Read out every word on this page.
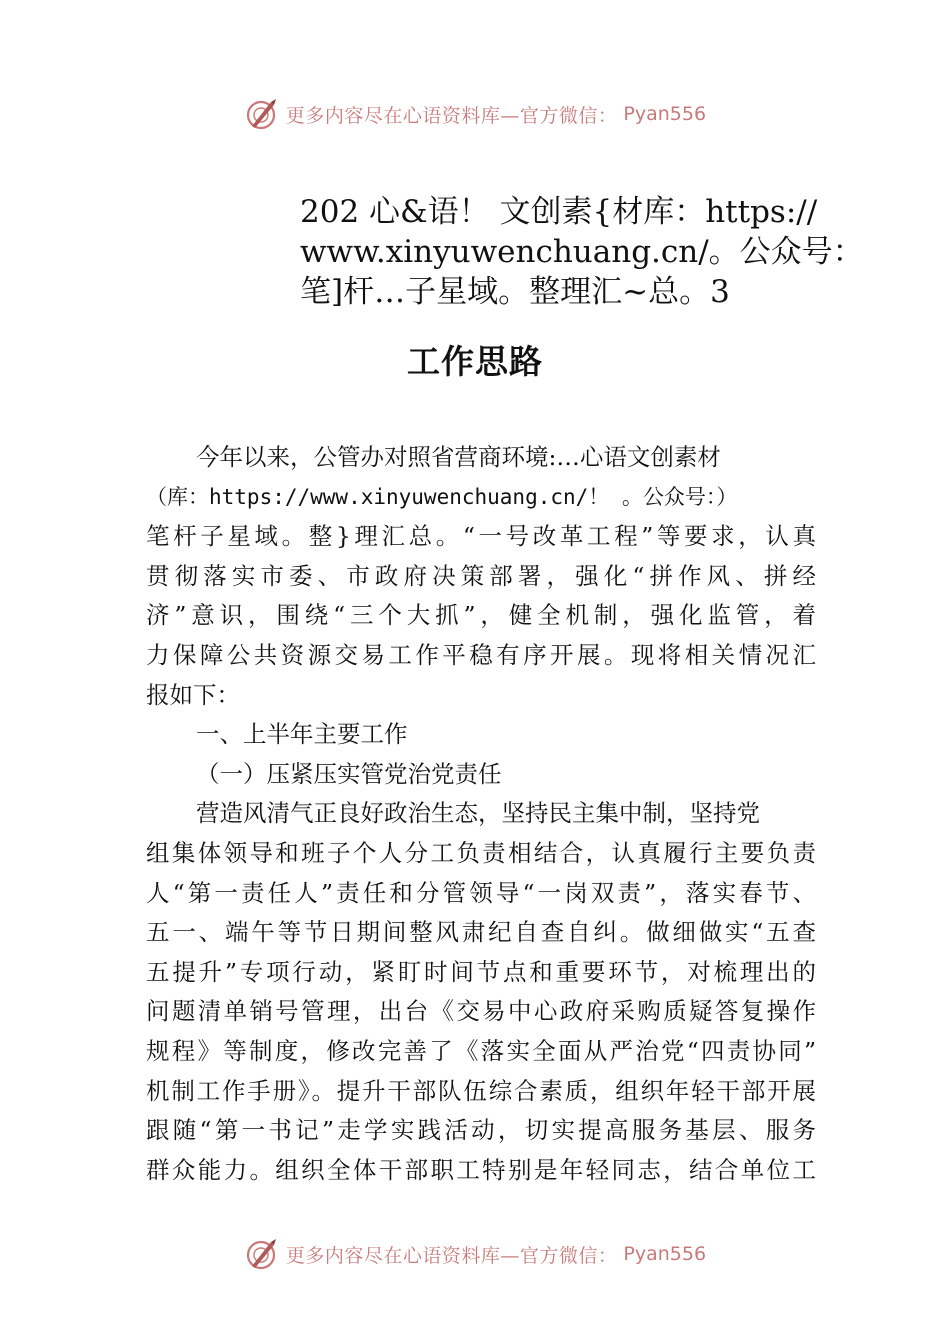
更多内容尽在心语资料库—官方微信： Pyan556
202 心&语！ 文创素{材库：https://
www.xinyuwenchuang.cn/。公众号：
笔]杆…子星域。整理汇~总。3
工作思路
今年以来，公管办对照省营商环境:…心语文创素材
（库：https://www.xinyuwenchuang.cn/！ 。公众号：）
笔杆子星域。整}理汇总。“一号改革工程”等要求，认真
贯彻落实市委、市政府决策部署，强化“拼作风、拼经
济”意识，围绕“三个大抓”，健全机制，强化监管，着
力保障公共资源交易工作平稳有序开展。现将相关情况汇
报如下：
一、上半年主要工作
（一）压紧压实管党治党责任
营造风清气正良好政治生态，坚持民主集中制，坚持党
组集体领导和班子个人分工负责相结合，认真履行主要负责
人“第一责任人”责任和分管领导“一岗双责”，落实春节、
五一、端午等节日期间整风肃纪自查自纠。做细做实“五查
五提升”专项行动，紧盯时间节点和重要环节，对梳理出的
问题清单销号管理，出台《交易中心政府采购质疑答复操作
规程》等制度，修改完善了《落实全面从严治党“四责协同”
机制工作手册》。提升干部队伍综合素质，组织年轻干部开展
跟随“第一书记”走学实践活动，切实提高服务基层、服务
群众能力。组织全体干部职工特别是年轻同志，结合单位工
更多内容尽在心语资料库—官方微信： Pyan556
